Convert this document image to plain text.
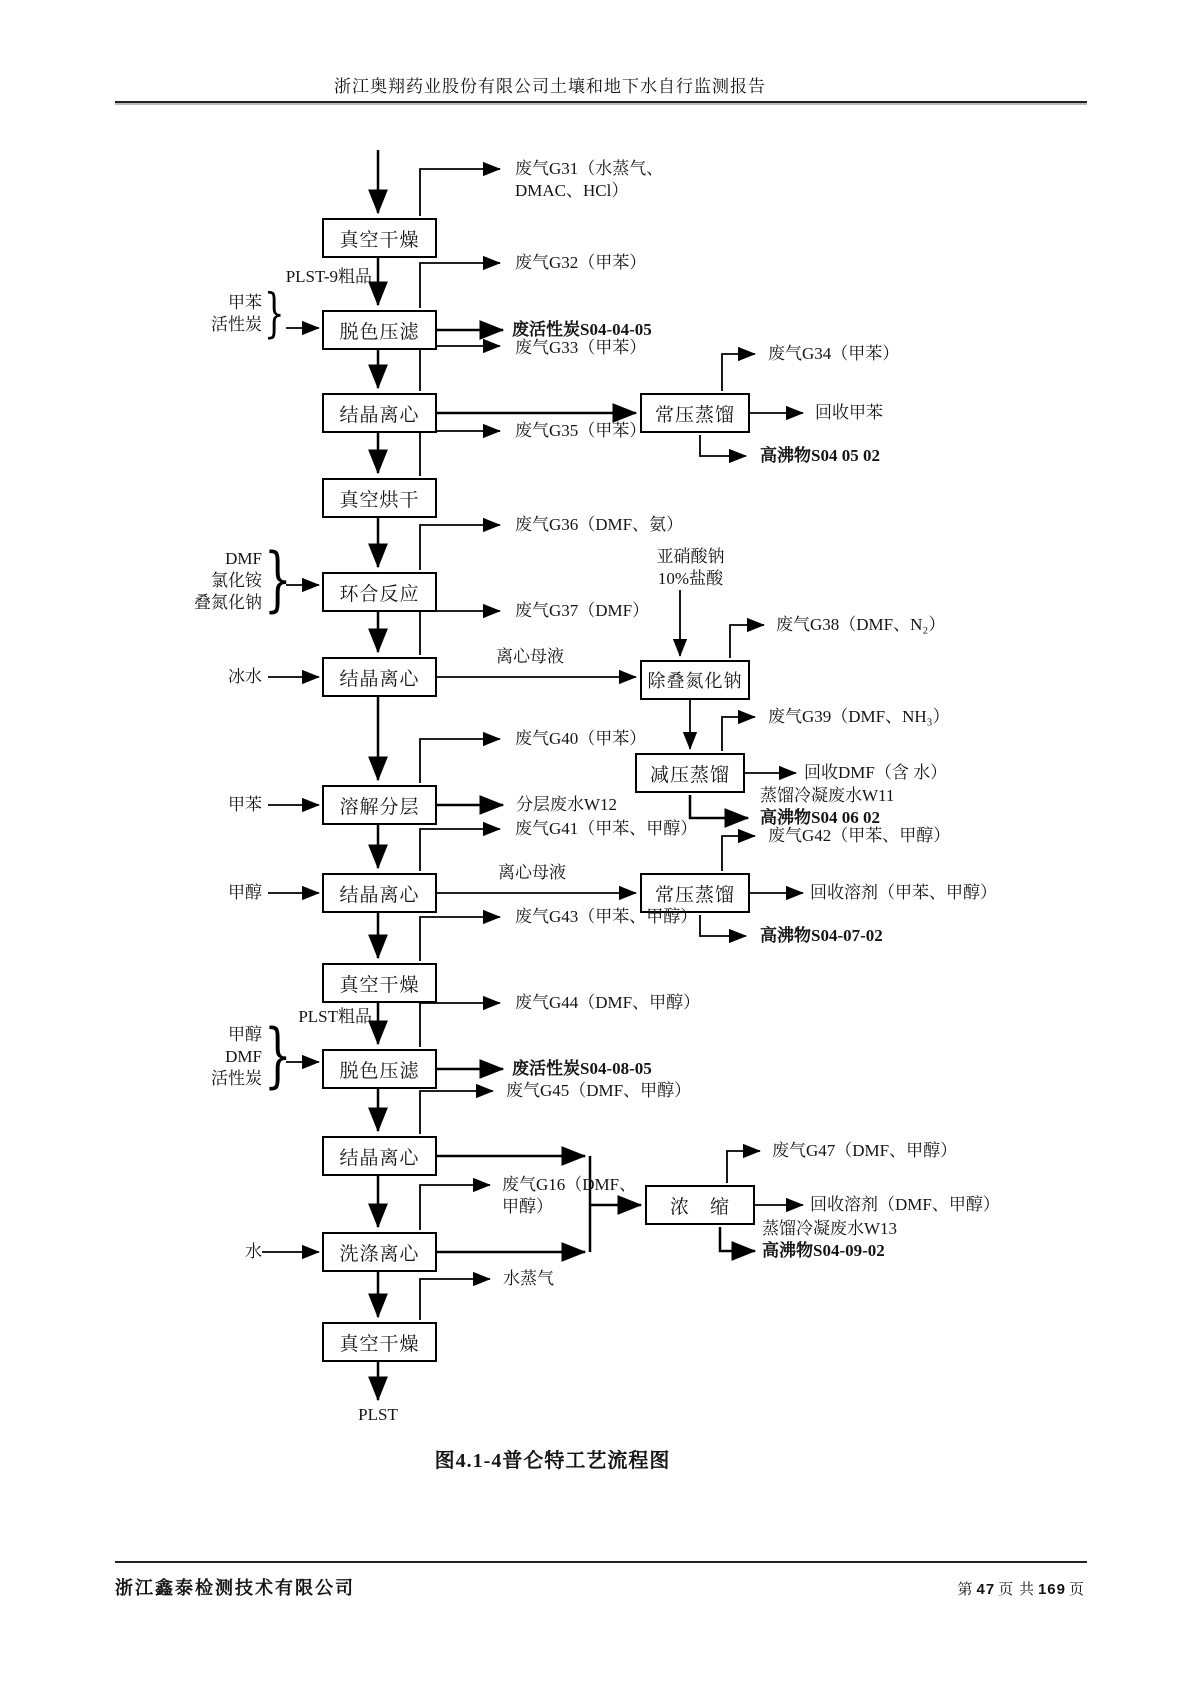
浙江奥翔药业股份有限公司土壤和地下水自行监测报告
真空干燥
脱色压滤
结晶离心
真空烘干
环合反应
结晶离心
溶解分层
结晶离心
真空干燥
脱色压滤
结晶离心
洗涤离心
真空干燥
常压蒸馏
除叠氮化钠
减压蒸馏
常压蒸馏
浓　缩
}
}
}
甲苯
活性炭
DMF
氯化铵
叠氮化钠
冰水
甲苯
甲醇
甲醇
DMF
活性炭
水
亚硝酸钠
10%盐酸
PLST-9粗品
离心母液
离心母液
PLST粗品
PLST
废气G31（水蒸气、
DMAC、HCl）
废气G32（甲苯）
废活性炭S04-04-05
废气G33（甲苯）	废气G34（甲苯）
回收甲苯
高沸物S04 05 02
废气G35（甲苯）
废气G36（DMF、氨）
废气G37（DMF）
废气G38（DMF、N₂）
废气G39（DMF、NH₃）
回收DMF（含 水）
蒸馏冷凝废水W11
高沸物S04 06 02
废气G40（甲苯）
分层废水W12
废气G41（甲苯、甲醇）	废气G42（甲苯、甲醇）
回收溶剂（甲苯、甲醇）
高沸物S04-07-02
废气G43（甲苯、甲醇）
废气G44（DMF、甲醇）
废活性炭S04-08-05
废气G45（DMF、甲醇）
废气G16（DMF、
甲醇）
废气G47（DMF、甲醇）
回收溶剂（DMF、甲醇）
蒸馏冷凝废水W13
高沸物S04-09-02
水蒸气
图4.1-4普仑特工艺流程图
浙江鑫泰检测技术有限公司	第 47 页 共 169 页
